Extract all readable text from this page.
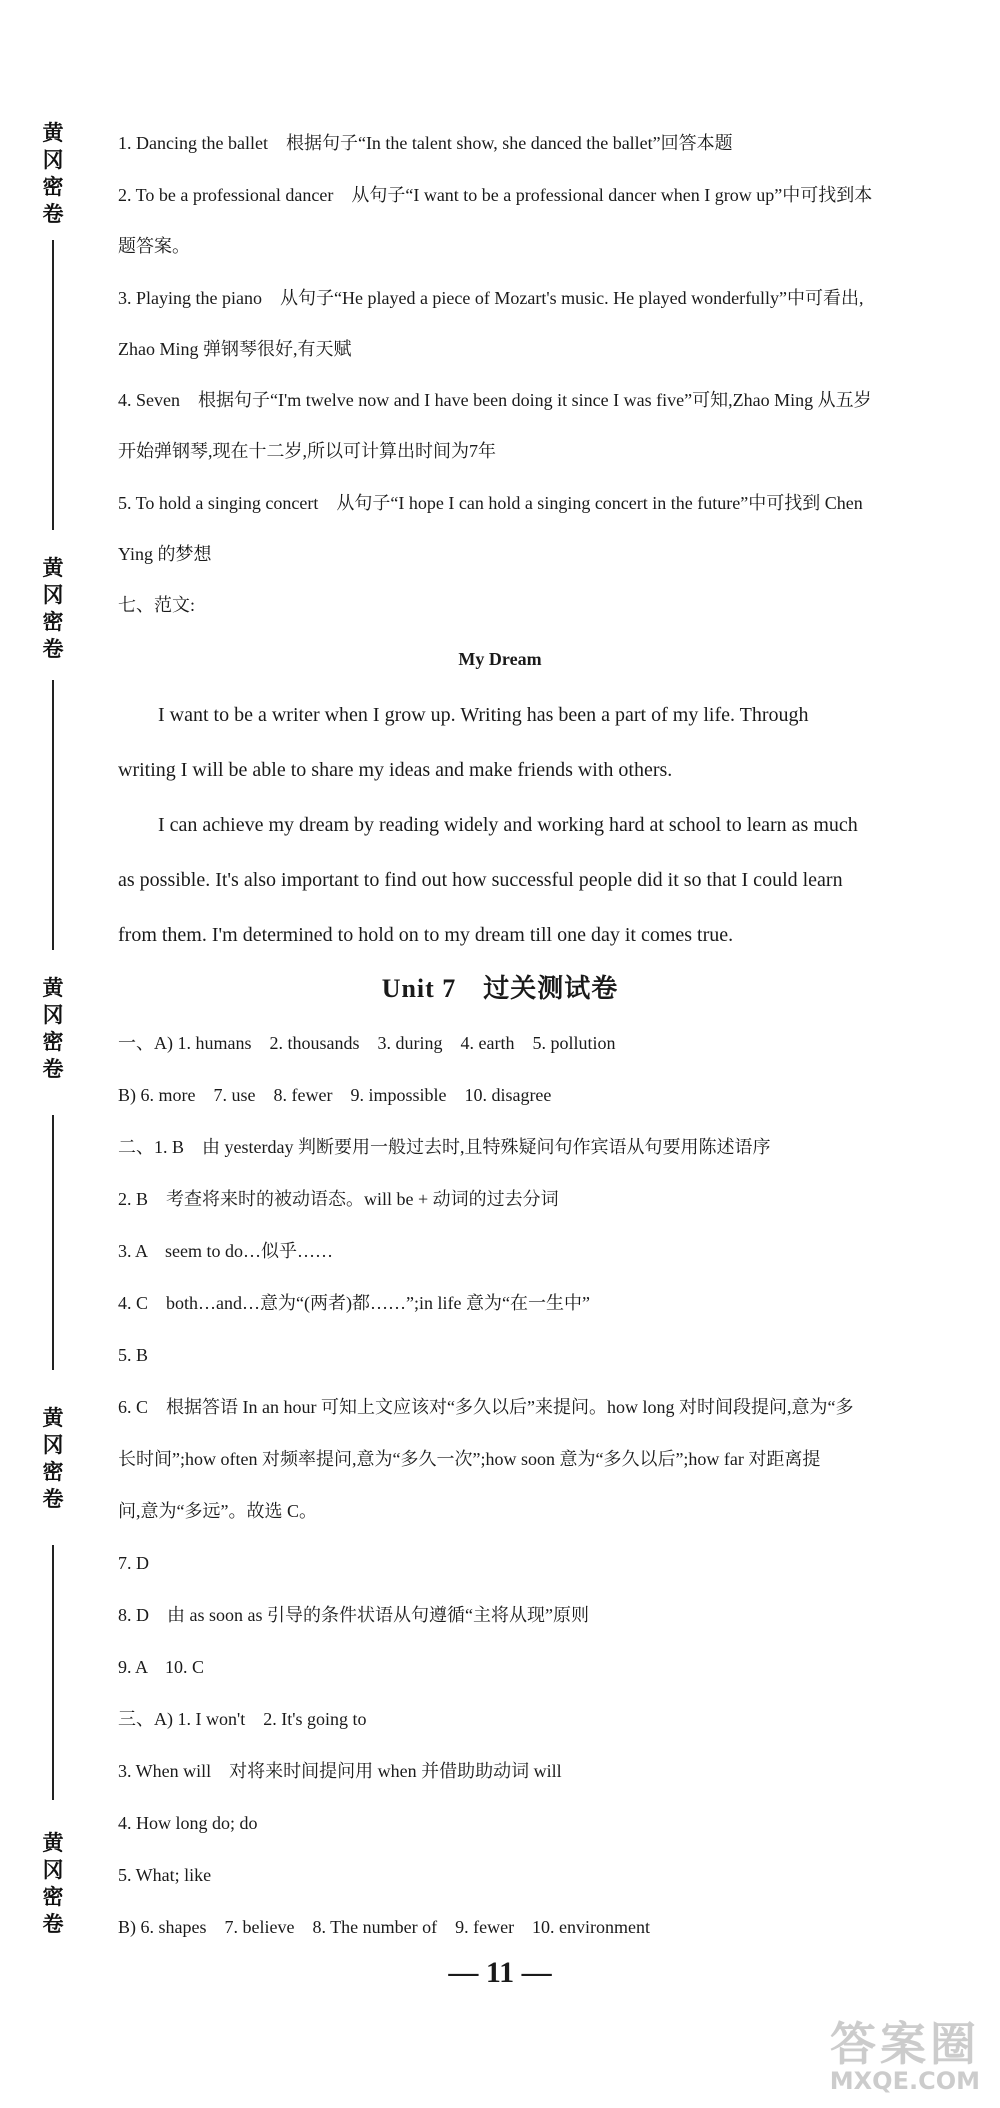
黄冈密卷
黄冈密卷
黄冈密卷
黄冈密卷
黄冈密卷
1. Dancing the ballet　根据句子“In the talent show, she danced the ballet”回答本题
2. To be a professional dancer　从句子“I want to be a professional dancer when I grow up”中可找到本
题答案。
3. Playing the piano　从句子“He played a piece of Mozart's music. He played wonderfully”中可看出,
Zhao Ming 弹钢琴很好,有天赋
4. Seven　根据句子“I'm twelve now and I have been doing it since I was five”可知,Zhao Ming 从五岁
开始弹钢琴,现在十二岁,所以可计算出时间为7年
5. To hold a singing concert　从句子“I hope I can hold a singing concert in the future”中可找到 Chen
Ying 的梦想
七、范文:
My Dream
I want to be a writer when I grow up. Writing has been a part of my life. Through
writing I will be able to share my ideas and make friends with others.
I can achieve my dream by reading widely and working hard at school to learn as much
as possible. It's also important to find out how successful people did it so that I could learn
from them. I'm determined to hold on to my dream till one day it comes true.
Unit 7　过关测试卷
一、A) 1. humans　2. thousands　3. during　4. earth　5. pollution
B) 6. more　7. use　8. fewer　9. impossible　10. disagree
二、1. B　由 yesterday 判断要用一般过去时,且特殊疑问句作宾语从句要用陈述语序
2. B　考查将来时的被动语态。will be + 动词的过去分词
3. A　seem to do…似乎……
4. C　both…and…意为“(两者)都……”;in life 意为“在一生中”
5. B
6. C　根据答语 In an hour 可知上文应该对“多久以后”来提问。how long 对时间段提问,意为“多
长时间”;how often 对频率提问,意为“多久一次”;how soon 意为“多久以后”;how far 对距离提
问,意为“多远”。故选 C。
7. D
8. D　由 as soon as 引导的条件状语从句遵循“主将从现”原则
9. A　10. C
三、A) 1. I won't　2. It's going to
3. When will　对将来时间提问用 when 并借助助动词 will
4. How long do; do
5. What; like
B) 6. shapes　7. believe　8. The number of　9. fewer　10. environment
— 11 —
答案圈
MXQE.COM
